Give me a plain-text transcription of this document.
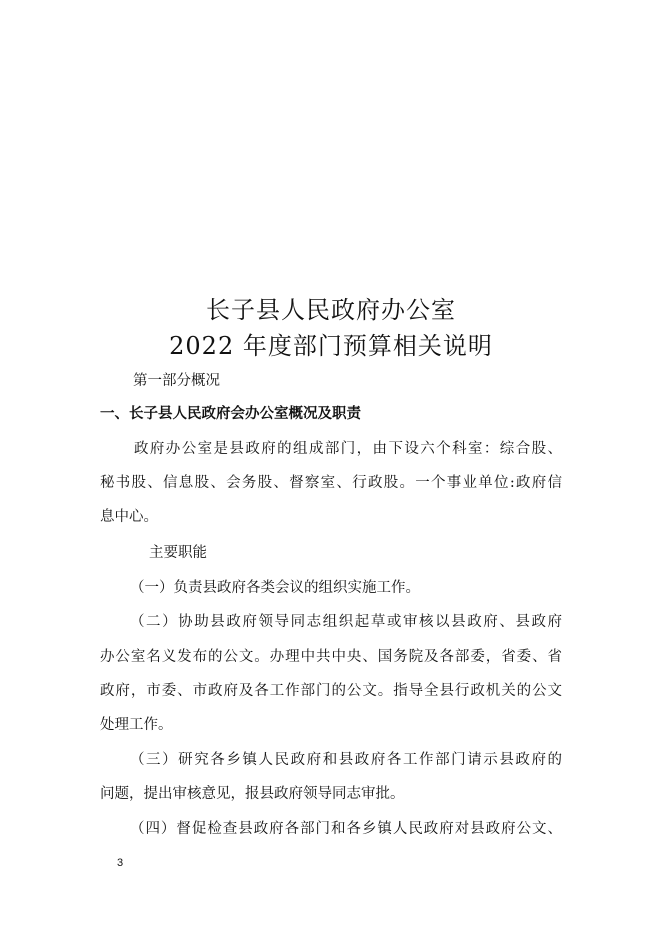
长子县人民政府办公室
2022 年度部门预算相关说明
第一部分概况
一、长子县人民政府会办公室概况及职责
政府办公室是县政府的组成部门，由下设六个科室：综合股、
秘书股、信息股、会务股、督察室、行政股。一个事业单位:政府信
息中心。
主要职能
（一）负责县政府各类会议的组织实施工作。
（二）协助县政府领导同志组织起草或审核以县政府、县政府
办公室名义发布的公文。办理中共中央、国务院及各部委，省委、省
政府，市委、市政府及各工作部门的公文。指导全县行政机关的公文
处理工作。
（三）研究各乡镇人民政府和县政府各工作部门请示县政府的
问题，提出审核意见，报县政府领导同志审批。
（四）督促检查县政府各部门和各乡镇人民政府对县政府公文、
3
